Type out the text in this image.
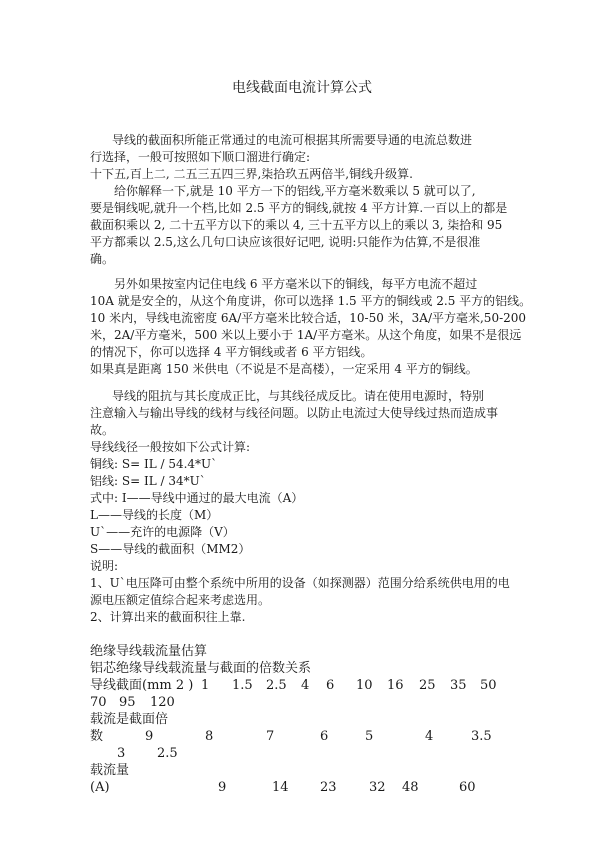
电线截面电流计算公式
导线的截面积所能正常通过的电流可根据其所需要导通的电流总数进
行选择，一般可按照如下顺口溜进行确定:
十下五,百上二, 二五三五四三界,柒拾玖五两倍半,铜线升级算.
给你解释一下,就是 10 平方一下的铝线,平方毫米数乘以 5 就可以了,
要是铜线呢,就升一个档,比如 2.5 平方的铜线,就按 4 平方计算.一百以上的都是
截面积乘以 2, 二十五平方以下的乘以 4, 三十五平方以上的乘以 3, 柒拾和 95
平方都乘以 2.5,这么几句口诀应该很好记吧, 说明:只能作为估算,不是很准
确。
另外如果按室内记住电线 6 平方毫米以下的铜线，每平方电流不超过
10A 就是安全的，从这个角度讲，你可以选择 1.5 平方的铜线或 2.5 平方的铝线。
10 米内，导线电流密度 6A/平方毫米比较合适，10-50 米，3A/平方毫米,50-200
米，2A/平方毫米，500 米以上要小于 1A/平方毫米。从这个角度，如果不是很远
的情况下，你可以选择 4 平方铜线或者 6 平方铝线。
如果真是距离 150 米供电（不说是不是高楼），一定采用 4 平方的铜线。
导线的阻抗与其长度成正比，与其线径成反比。请在使用电源时，特别
注意输入与输出导线的线材与线径问题。以防止电流过大使导线过热而造成事
故。
导线线径一般按如下公式计算:
铜线: S= IL / 54.4*U`
铝线: S= IL / 34*U`
式中: I——导线中通过的最大电流（A）
L——导线的长度（M）
U`——充许的电源降（V）
S——导线的截面积（MM2）
说明:
1、U`电压降可由整个系统中所用的设备（如探测器）范围分给系统供电用的电
源电压额定值综合起来考虑选用。
2、计算出来的截面积往上靠.
绝缘导线载流量估算
铝芯绝缘导线载流量与截面的倍数关系
导线截面(mm 2 ) 1 1.5 2.5 4 6 10 16 25 35 50
70 95 120
载流是截面倍
数	9	8	7	6	5	4	3.5
3 2.5
载流量
(A)	9	14 23 32 48	60
